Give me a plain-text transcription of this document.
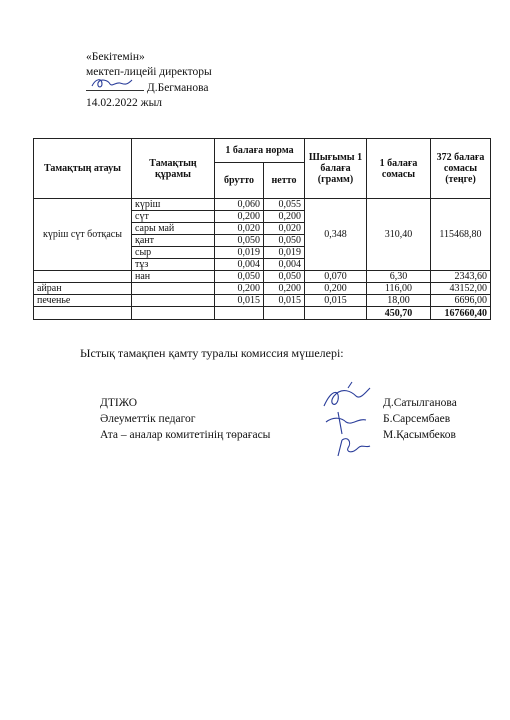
«Бекітемін»
мектеп-лицейі директоры

Д.Бегманова
14.02.2022 жыл
Тамақтың атауы	Тамақтың құрамы	1 балаға норма		Шығымы 1 балаға (грамм)	1 балаға сомасы	372 балаға сомасы (теңге)
		брутто	нетто			
күріш сүт ботқасы	күріш	0,060	0,055	0,348	310,40	115468,80
	сүт	0,200	0,200			
	сары май	0,020	0,020			
	қант	0,050	0,050			
	сыр	0,019	0,019			
	тұз	0,004	0,004			
	нан	0,050	0,050	0,070	6,30	2343,60
айран		0,200	0,200	0,200	116,00	43152,00
печенье		0,015	0,015	0,015	18,00	6696,00
					450,70	167660,40
Ыстық тамақпен қамту туралы комиссия мүшелері:
ДТІЖО
Әлеуметтік педагог
Ата – аналар комитетінің төрағасы
Д.Сатылганова
Б.Сарсембаев
М.Қасымбеков
